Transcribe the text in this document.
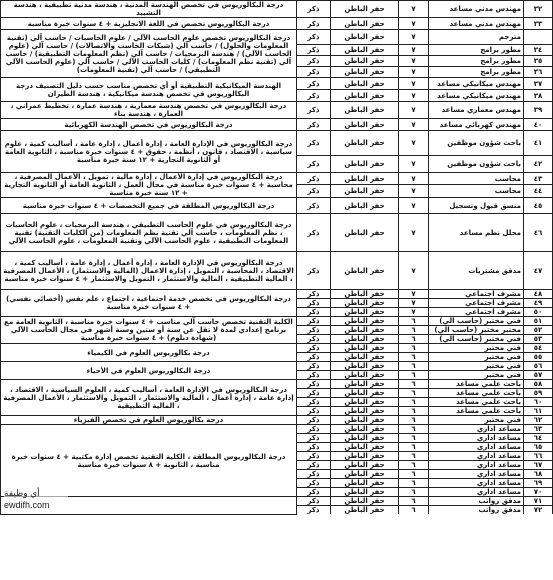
٣٢	مهندس مدني مساعد	٧	حفر الباطن	ذكر	درجة البكالوريوس في تخصص الهندسة المدنية ، هندسة مدنية تطبيقية ، هندسة التشييد
٣٣	مهندس مدني مساعد	٧	حفر الباطن	ذكر	درجة البكالوريوس تخصص في اللغة الانجليزية + ٤ سنوات خبرة مناسبة
	مترجم	٧	حفر الباطن	ذكر	درجة البكالوريوس تخصص علوم الحاسب الآلي / علوم الحاسبات / حاسب آلي (تقنية المعلومات والحلول) / حاسب آلي (شبكات الحاسب والاتصالات) / حاسب آلي (علوم الحاسب الآلي) / هندسة البرمجيات / حاسب آلي (نظم المعلومات التطبيقية) / حاسب آلي (تقنية نظم المعلومات) / كليات الحاسب الآلي / حاسب آلي (علوم الحاسب الآلي التطبيقي) / حاسب آلي (تقنية المعلومات)
٣٤	مطور برامج	٧	حفر الباطن	ذكر	
٣٥	مطور برامج	٧	حفر الباطن	ذكر	
٣٦	مطور برامج	٧	حفر الباطن	ذكر	
٣٧	مهندس ميكانيكي مساعد	٧	حفر الباطن	ذكر	الهندسة الميكانيكية التطبيقية أو أي تخصص مناسب حسب دليل التصنيف درجة البكالوريوس في تخصص هندسة ميكانيكية ، هندسة الطيران
٣٨	مهندس ميكانيكي مساعد	٧	حفر الباطن	ذكر	
٣٩	مهندس معماري مساعد	٧	حفر الباطن	ذكر	درجة البكالوريوس في تخصص هندسة معمارية ، هندسة عمارة ، تخطيط عمراني ، العمارة ، هندسة بناء
٤٠	مهندس كهربائي مساعد	٧	حفر الباطن	ذكر	درجة البكالوريوس في تخصص الهندسة الكهربائية
٤١	باحث شؤون موظفين	٧	حفر الباطن	ذكر	درجة البكالوريوس في الإدارة العامة ، إدارة أعمال ، إدارة عامة ، أساليب كمية ، علوم سياسية ، الاقتصاد ، قانون ، أنظمة ، حقوق + ٤ سنوات خبرة مناسبة ، الثانوية العامة أو الثانوية التجارية + ١٢ سنة خبرة مناسبة
٤٢	باحث شؤون موظفين	٧	حفر الباطن	ذكر	
٤٣	محاسب	٧	حفر الباطن	ذكر	درجة البكالوريوس في إدارة الأعمال ، إدارة مالية ، تمويل ، الأعمال المصرفية ، محاسبة + ٤ سنوات خبرة مناسبة في مجال العمل ، الثانوية العامة أو الثانوية التجارية + ١٢ سنة خبرة مناسبة
٤٤	محاسب	٧	حفر الباطن	ذكر	
٤٥	منسق قبول وتسجيل	٧	حفر الباطن	ذكر	درجة البكالوريوس المطلقة في جميع التخصصات + ٤ سنوات خبرة مناسبة
٤٦	محلل نظم مساعد	٧	حفر الباطن	ذكر	درجة البكالوريوس في علوم الحاسب التطبيقي ، هندسة البرمجيات ، علوم الحاسبات ، نظم المعلومات ، حاسب آلي تقنية نظم المعلومات (من الكليات التقنية) تقنية المعلومات التطبيقية ، علوم الحاسب الآلي وتقنية المعلومات ، علوم الحاسب الآلي
٤٧	مدقق مشتريات	٧	حفر الباطن	ذكر	درجة البكالوريوس في الإدارة العامة ، إدارة أعمال ، إدارة عامة ، أساليب كمية ، الاقتصاد ، المحاسبة ، التمويل ، إدارة الاعمال (المالية والاستثمار) ، الأعمال المصرفية ، المالية التطبيقية ، المالية والاستثمار ، التمويل والاستثمار + ٤ سنوات خبرة مناسبة
٤٨	مشرف اجتماعي	٧	حفر الباطن	ذكر	درجة البكالوريوس في تخصص خدمة اجتماعية ، اجتماع ، علم نفس (أخصائي نفسي) + ٤ سنوات خبرة مناسبة
٤٩	مشرف اجتماعي	٧	حفر الباطن	ذكر	
٥٠	مشرف اجتماعي	٧	حفر الباطن	ذكر	
٥١	فني مختبر (حاسب آلي)	٦	حفر الباطن	ذكر	الكلية التقنية تخصص حاسب آلي مناسب + ٤ سنوات خبرة مناسبة ، الثانوية العامة مع برنامج إعدادي لمدة لا تقل عن سنة أو ستين وسنة أشهر في مجال الحاسب الآلي (شهادة دبلوم) + ٤ سنوات خبرة مناسبة
٥٢	مختبر مختبر (حاسب آلي)	٦	حفر الباطن	ذكر	
٥٣	فني مختبر (حاسب آلي)	٦	حفر الباطن	ذكر	
٥٤	فني مختبر	٦	حفر الباطن	ذكر	درجة بكالوريوس العلوم في الكيمياء
٥٥	فني مختبر	٦	حفر الباطن	ذكر	
٥٦	فني مختبر	٦	حفر الباطن	ذكر	درجة البكالوريوس العلوم في الأحياء
٥٧	فني مختبر	٦	حفر الباطن	ذكر	
٥٨	باحث علمي مساعد	٦	حفر الباطن	ذكر	درجة البكالوريوس في الإدارة العامة ، أساليب كمية ، العلوم السياسية ، الاقتصاد ، إدارة عامة ، إدارة أعمال ، المالية والاستثمار ، التمويل والاستثمار ، الأعمال المصرفية ، المالية التطبيقية
٥٩	باحث علمي مساعد	٦	حفر الباطن	ذكر	
٦٠	باحث علمي مساعد	٦	حفر الباطن	ذكر	
٦١	باحث علمي مساعد	٦	حفر الباطن	ذكر	
٦٢	فني مختبر	٦	حفر الباطن	ذكر	درجة بكالوريوس العلوم في تخصص الفيزياء
٦٣	مساعد اداري	٦	حفر الباطن	ذكر	درجة البكالوريوس المطلقة ، الكلية التقنية تخصص إدارة مكتبية + ٤ سنوات خبرة مناسبة ، الثانوية + ٨ سنوات خبرة مناسبة
٦٤	مساعد اداري	٦	حفر الباطن	ذكر	
٦٥	مساعد اداري	٦	حفر الباطن	ذكر	
٦٦	مساعد اداري	٦	حفر الباطن	ذكر	
٦٧	مساعد اداري	٦	حفر الباطن	ذكر	
٦٨	مساعد اداري	٦	حفر الباطن	ذكر	
٦٩	مساعد اداري	٦	حفر الباطن	ذكر	
٧٠	مساعد اداري	٦	حفر الباطن	ذكر	
٧١	مدقق رواتب	٦	حفر الباطن	ذكر	
٧٢	مدقق رواتب	٦	حفر الباطن	ذكر	
أي وظيفة
ewdifh.com
